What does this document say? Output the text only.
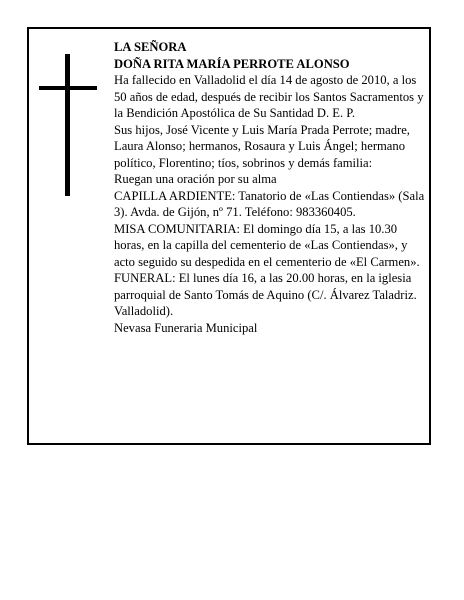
LA SEÑORA

DOÑA RITA MARÍA PERROTE ALONSO

Ha fallecido en Valladolid el día 14 de agosto de 2010, a los 50 años de edad, después de recibir los Santos Sacramentos y la Bendición Apostólica de Su Santidad D. E. P.

Sus hijos, José Vicente y Luis María Prada Perrote; madre, Laura Alonso; hermanos, Rosaura y Luis Ángel; hermano político, Florentino; tíos, sobrinos y demás familia:

Ruegan una oración por su alma

CAPILLA ARDIENTE: Tanatorio de «Las Contiendas» (Sala 3). Avda. de Gijón, nº 71. Teléfono: 983360405.

MISA COMUNITARIA: El domingo día 15, a las 10.30 horas, en la capilla del cementerio de «Las Contiendas», y acto seguido su despedida en el cementerio de «El Carmen».

FUNERAL: El lunes día 16, a las 20.00 horas, en la iglesia parroquial de Santo Tomás de Aquino (C/. Álvarez Taladriz. Valladolid).

Nevasa Funeraria Municipal
